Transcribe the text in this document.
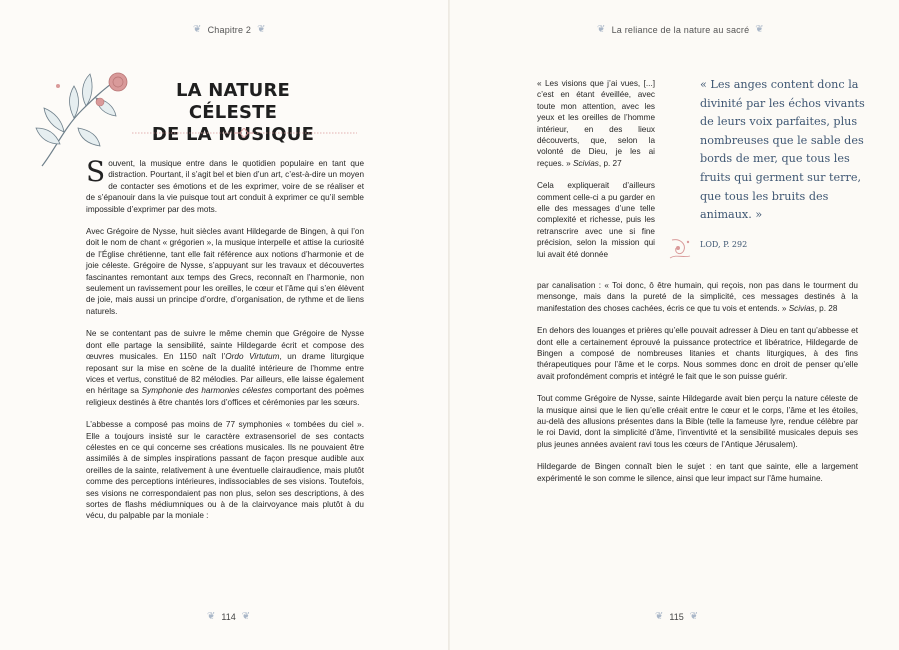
❦ Chapitre 2 ❦
LA NATURE CÉLESTE
DE LA MUSIQUE

Souvent, la musique entre dans le quotidien populaire en tant que distraction. Pourtant, il s’agit bel et bien d’un art, c’est-à-dire un moyen de contacter ses émotions et de les exprimer, voire de se réaliser et de s’épanouir dans la vie puisque tout art conduit à exprimer ce qu’il semble impossible d’exprimer par des mots.

Avec Grégoire de Nysse, huit siècles avant Hildegarde de Bingen, à qui l’on doit le nom de chant « grégorien », la musique interpelle et attise la curiosité de l’Église chrétienne, tant elle fait référence aux notions d’harmonie et de joie céleste. Grégoire de Nysse, s’appuyant sur les travaux et découvertes fascinantes remontant aux temps des Grecs, reconnaît en l’harmonie, non seulement un ravissement pour les oreilles, le cœur et l’âme qui s’en élèvent de joie, mais aussi un principe d’ordre, d’organisation, de rythme et de liens naturels.

Ne se contentant pas de suivre le même chemin que Grégoire de Nysse dont elle partage la sensibilité, sainte Hildegarde écrit et compose des œuvres musicales. En 1150 naît l’Ordo Virtutum, un drame liturgique reposant sur la mise en scène de la dualité intérieure de l’homme entre vices et vertus, constitué de 82 mélodies. Par ailleurs, elle laisse également en héritage sa Symphonie des harmonies célestes comportant des poèmes religieux destinés à être chantés lors d’offices et cérémonies par les sœurs.

L’abbesse a composé pas moins de 77 symphonies « tombées du ciel ». Elle a toujours insisté sur le caractère extrasensoriel de ses contacts célestes en ce qui concerne ses créations musicales. Ils ne pouvaient être assimilés à de simples inspirations passant de façon presque audible aux oreilles de la sainte, relativement à une éventuelle clairaudience, mais plutôt comme des perceptions intérieures, indissociables de ses visions. Toutefois, ses visions ne correspondaient pas non plus, selon ses descriptions, à des sortes de flashs médiumniques ou à de la clairvoyance mais plutôt à du vécu, du palpable par la moniale :

❦ 114 ❦
❦ La reliance de la nature au sacré ❦

« Les visions que j’ai vues, [...] c’est en étant éveillée, avec toute mon attention, avec les yeux et les oreilles de l’homme intérieur, en des lieux découverts, que, selon la volonté de Dieu, je les ai reçues. » Scivias, p. 27

Cela expliquerait d’ailleurs comment celle-ci a pu garder en elle des messages d’une telle complexité et richesse, puis les retranscrire avec une si fine précision, selon la mission qui lui avait été donnée

« Les anges content donc la divinité par les échos vivants de leurs voix parfaites, plus nombreuses que le sable des bords de mer, que tous les fruits qui germent sur terre, que tous les bruits des animaux. »
LOD, P. 292

par canalisation : « Toi donc, ô être humain, qui reçois, non pas dans le tourment du mensonge, mais dans la pureté de la simplicité, ces messages destinés à la manifestation des choses cachées, écris ce que tu vois et entends. » Scivias, p. 28

En dehors des louanges et prières qu’elle pouvait adresser à Dieu en tant qu’abbesse et dont elle a certainement éprouvé la puissance protectrice et libératrice, Hildegarde de Bingen a composé de nombreuses litanies et chants liturgiques, à des fins thérapeutiques pour l’âme et le corps. Nous sommes donc en droit de penser qu’elle avait profondément compris et intégré le fait que le son puisse guérir.

Tout comme Grégoire de Nysse, sainte Hildegarde avait bien perçu la nature céleste de la musique ainsi que le lien qu’elle créait entre le cœur et le corps, l’âme et les étoiles, au-delà des allusions présentes dans la Bible (telle la fameuse lyre, rendue célèbre par le roi David, dont la simplicité d’âme, l’inventivité et la sensibilité musicales depuis ses plus jeunes années avaient ravi tous les cœurs de l’Antique Jérusalem).

Hildegarde de Bingen connaît bien le sujet : en tant que sainte, elle a largement expérimenté le son comme le silence, ainsi que leur impact sur l’âme humaine.

❦ 115 ❦
